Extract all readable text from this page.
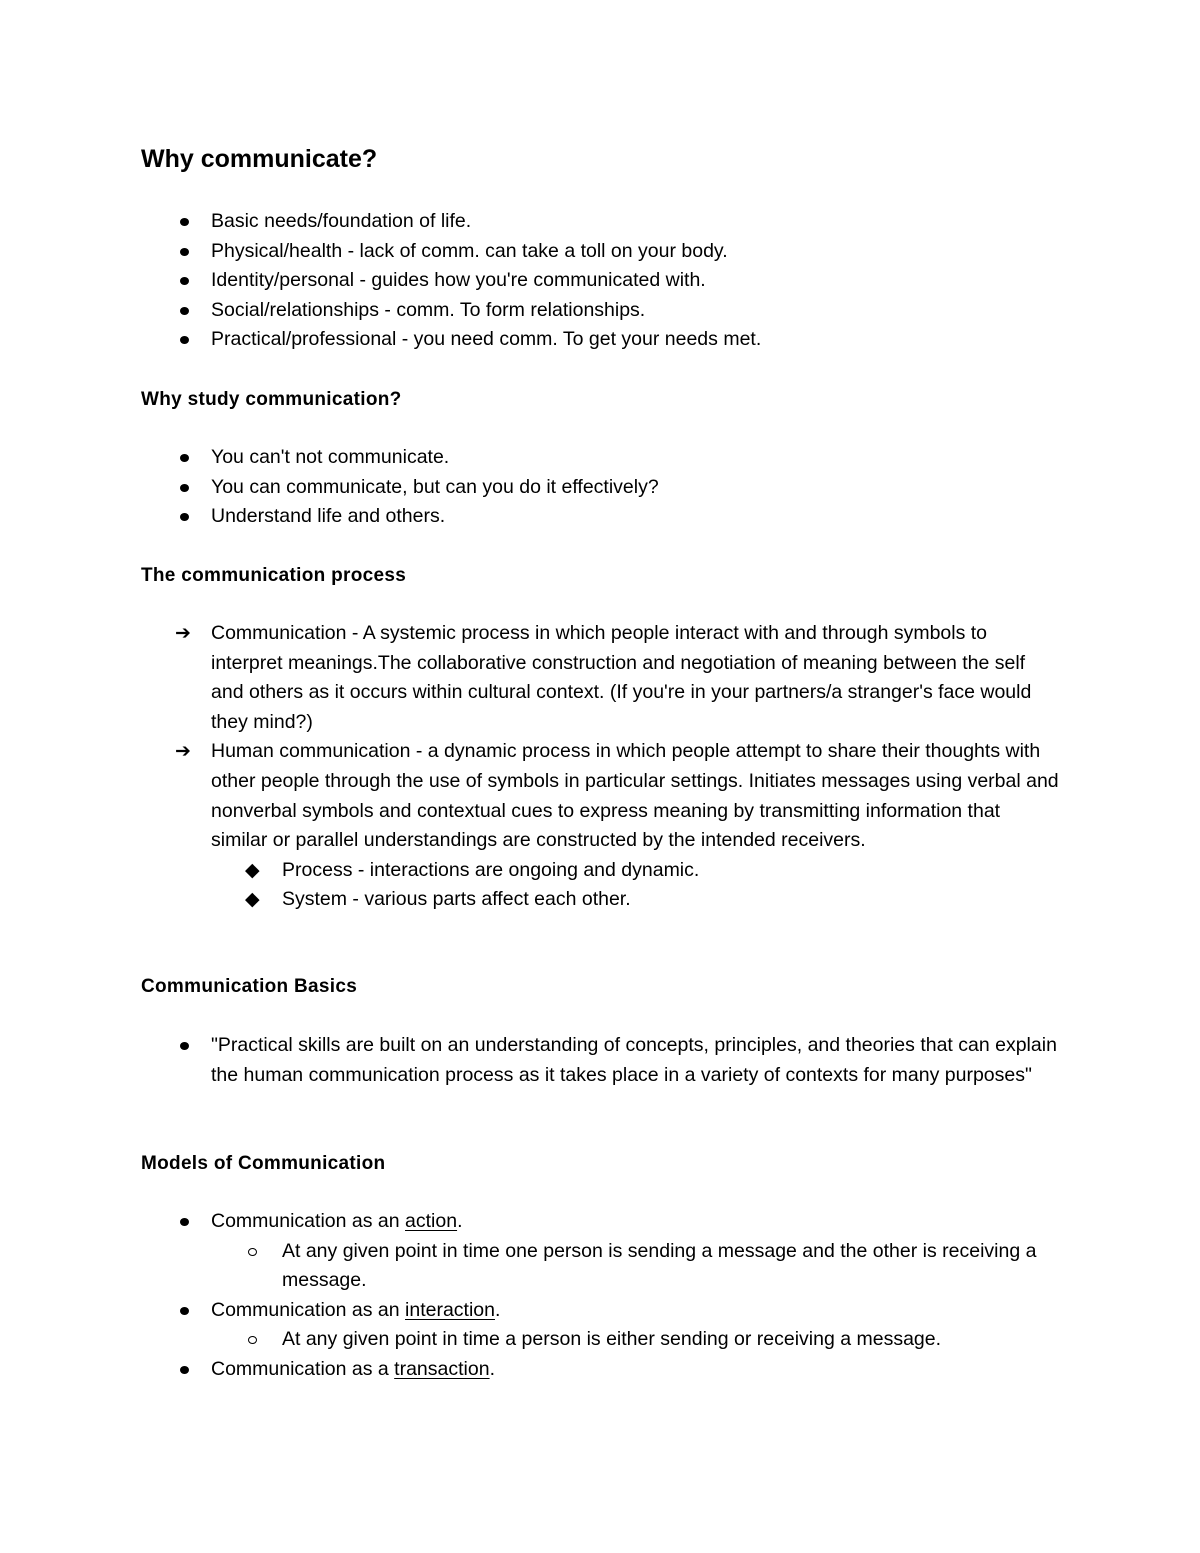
Why communicate?
Basic needs/foundation of life.
Physical/health - lack of comm. can take a toll on your body.
Identity/personal - guides how you're communicated with.
Social/relationships - comm. To form relationships.
Practical/professional - you need comm. To get your needs met.
Why study communication?
You can't not communicate.
You can communicate, but can you do it effectively?
Understand life and others.
The communication process
➔ Communication - A systemic process in which people interact with and through symbols to interpret meanings.The collaborative construction and negotiation of meaning between the self and others as it occurs within cultural context. (If you're in your partners/a stranger's face would they mind?)
➔ Human communication - a dynamic process in which people attempt to share their thoughts with other people through the use of symbols in particular settings. Initiates messages using verbal and nonverbal symbols and contextual cues to express meaning by transmitting information that similar or parallel understandings are constructed by the intended receivers.
◆ Process - interactions are ongoing and dynamic.
◆ System - various parts affect each other.
Communication Basics
"Practical skills are built on an understanding of concepts, principles, and theories that can explain the human communication process as it takes place in a variety of contexts for many purposes"
Models of Communication
Communication as an action.
At any given point in time one person is sending a message and the other is receiving a message.
Communication as an interaction.
At any given point in time a person is either sending or receiving a message.
Communication as a transaction.
